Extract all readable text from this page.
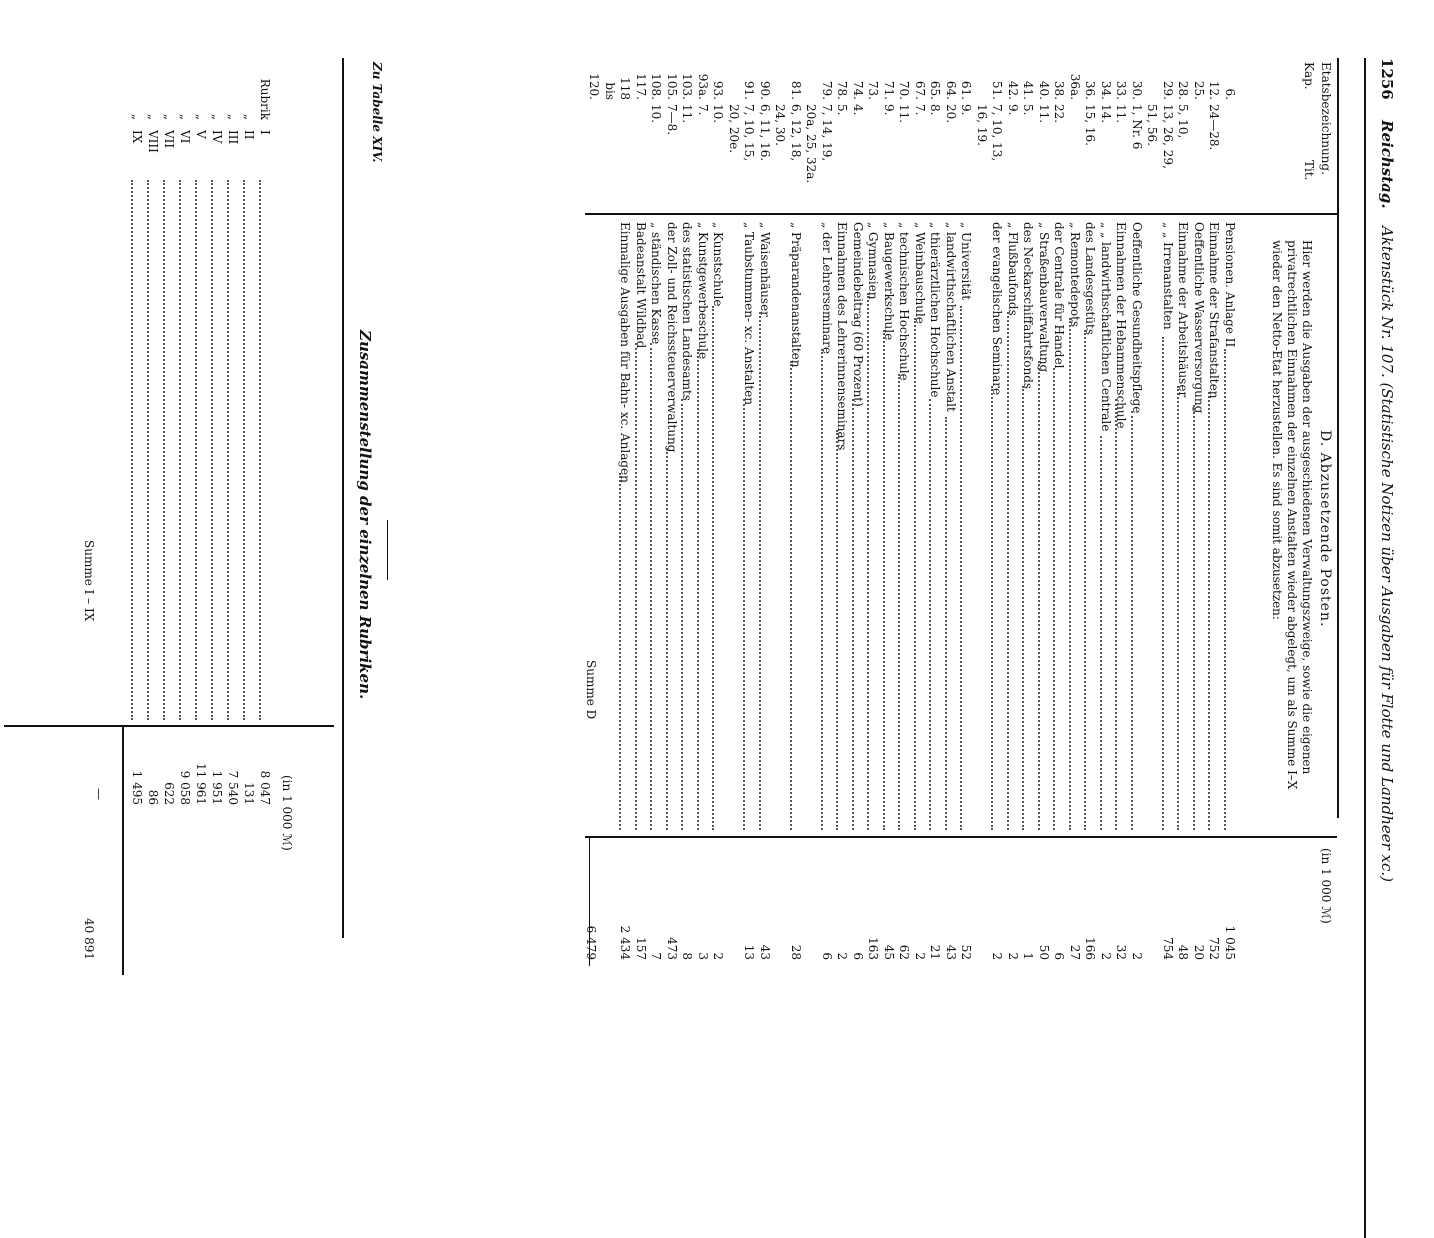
1256
Reichstag.
Aktenstück Nr. 107. (Statistische Notizen über Ausgaben für Flotte und Landheer xc.)
Etatsbezeichnung.
Kap.
Tit.
(in 1 000 ℳ)
D. Abzusetzende Posten.
Hier werden die Ausgaben der ausgeschiedenen Verwaltungszweige, sowie die eigenen privatrechtlichen Einnahmen der einzelnen Anstalten wieder abgelegt, um als Summe I–X wieder den Netto-Etat herzustellen. Es sind somit abzusetzen:
6.
Pensionen. Anlage II
1 045
12.
24—28.
Einnahme der Strafanstalten
752
25.
Oeffentliche Wasserversorgung
20
28.
5, 10,
Einnahme der Arbeitshäuser
48
29.
13, 26, 29,
„ „ Irrenanstalten
754
51, 56.
30.
1, Nr. 6
Oeffentliche Gesundheitspflege
2
33.
11.
Einnahmen der Hebammenschule
32
34.
14.
„ „ landwirthschaftlichen Centrale
2
36.
15, 16.
des Landesgestüts
166
36a.
„ Remontedepots
27
38.
22.
der Centrale für Handel
6
40.
11.
„ Straßenbauverwaltung
50
41.
5.
des Neckarschiffahrtsfonds
1
42.
9.
„ Flußbaufonds
2
51.
7, 10, 13,
der evangelischen Seminare
2
16, 19.
61.
9.
„ Universität
52
64.
20.
„ landwirthschaftlichen Anstalt
43
65.
8.
„ thierärztlichen Hochschule
21
67.
7.
„ Weinbauschule
2
70.
11.
„ technischen Hochschule
62
71.
9.
„ Baugewerkschule
45
73.
„ Gymnasien
163
74.
4.
Gemeindebeitrag (60 Prozent)
6
78.
5.
Einnahmen des Lehrerinnenseminars
2
79.
7, 14, 19,
„ der Lehrerseminare
6
20a, 25, 32a.
81.
6, 12, 18,
„ Präparandenanstalten
28
24, 30.
90.
6, 11, 16.
„ Waisenhäuser
43
91.
7, 10, 15,
„ Taubstummen- xc. Anstalten
13
20, 20e.
93.
10.
„ Kunstschule
2
93a.
7.
„ Kunstgewerbeschule
3
103.
11.
des statistischen Landesamts
8
105.
7—8.
der Zoll- und Reichssteuerverwaltung
473
108.
10.
„ ständischen Kasse
7
117.
Badeanstalt Wildbad
157
118
Einmalige Ausgaben für Bahn- xc. Anlagen
2 434
bis
120.
Summe D
6 479
Zu Tabelle XIV.
Zusammenstellung der einzelnen Rubriken.
(in 1 000 ℳ)
Rubrik
I
8 047
„
II
131
„
III
7 540
„
IV
1 951
„
V
11 961
„
VI
9 058
„
VII
622
„
VIII
86
„
IX
1 495
—
Summe I – IX
40 891
